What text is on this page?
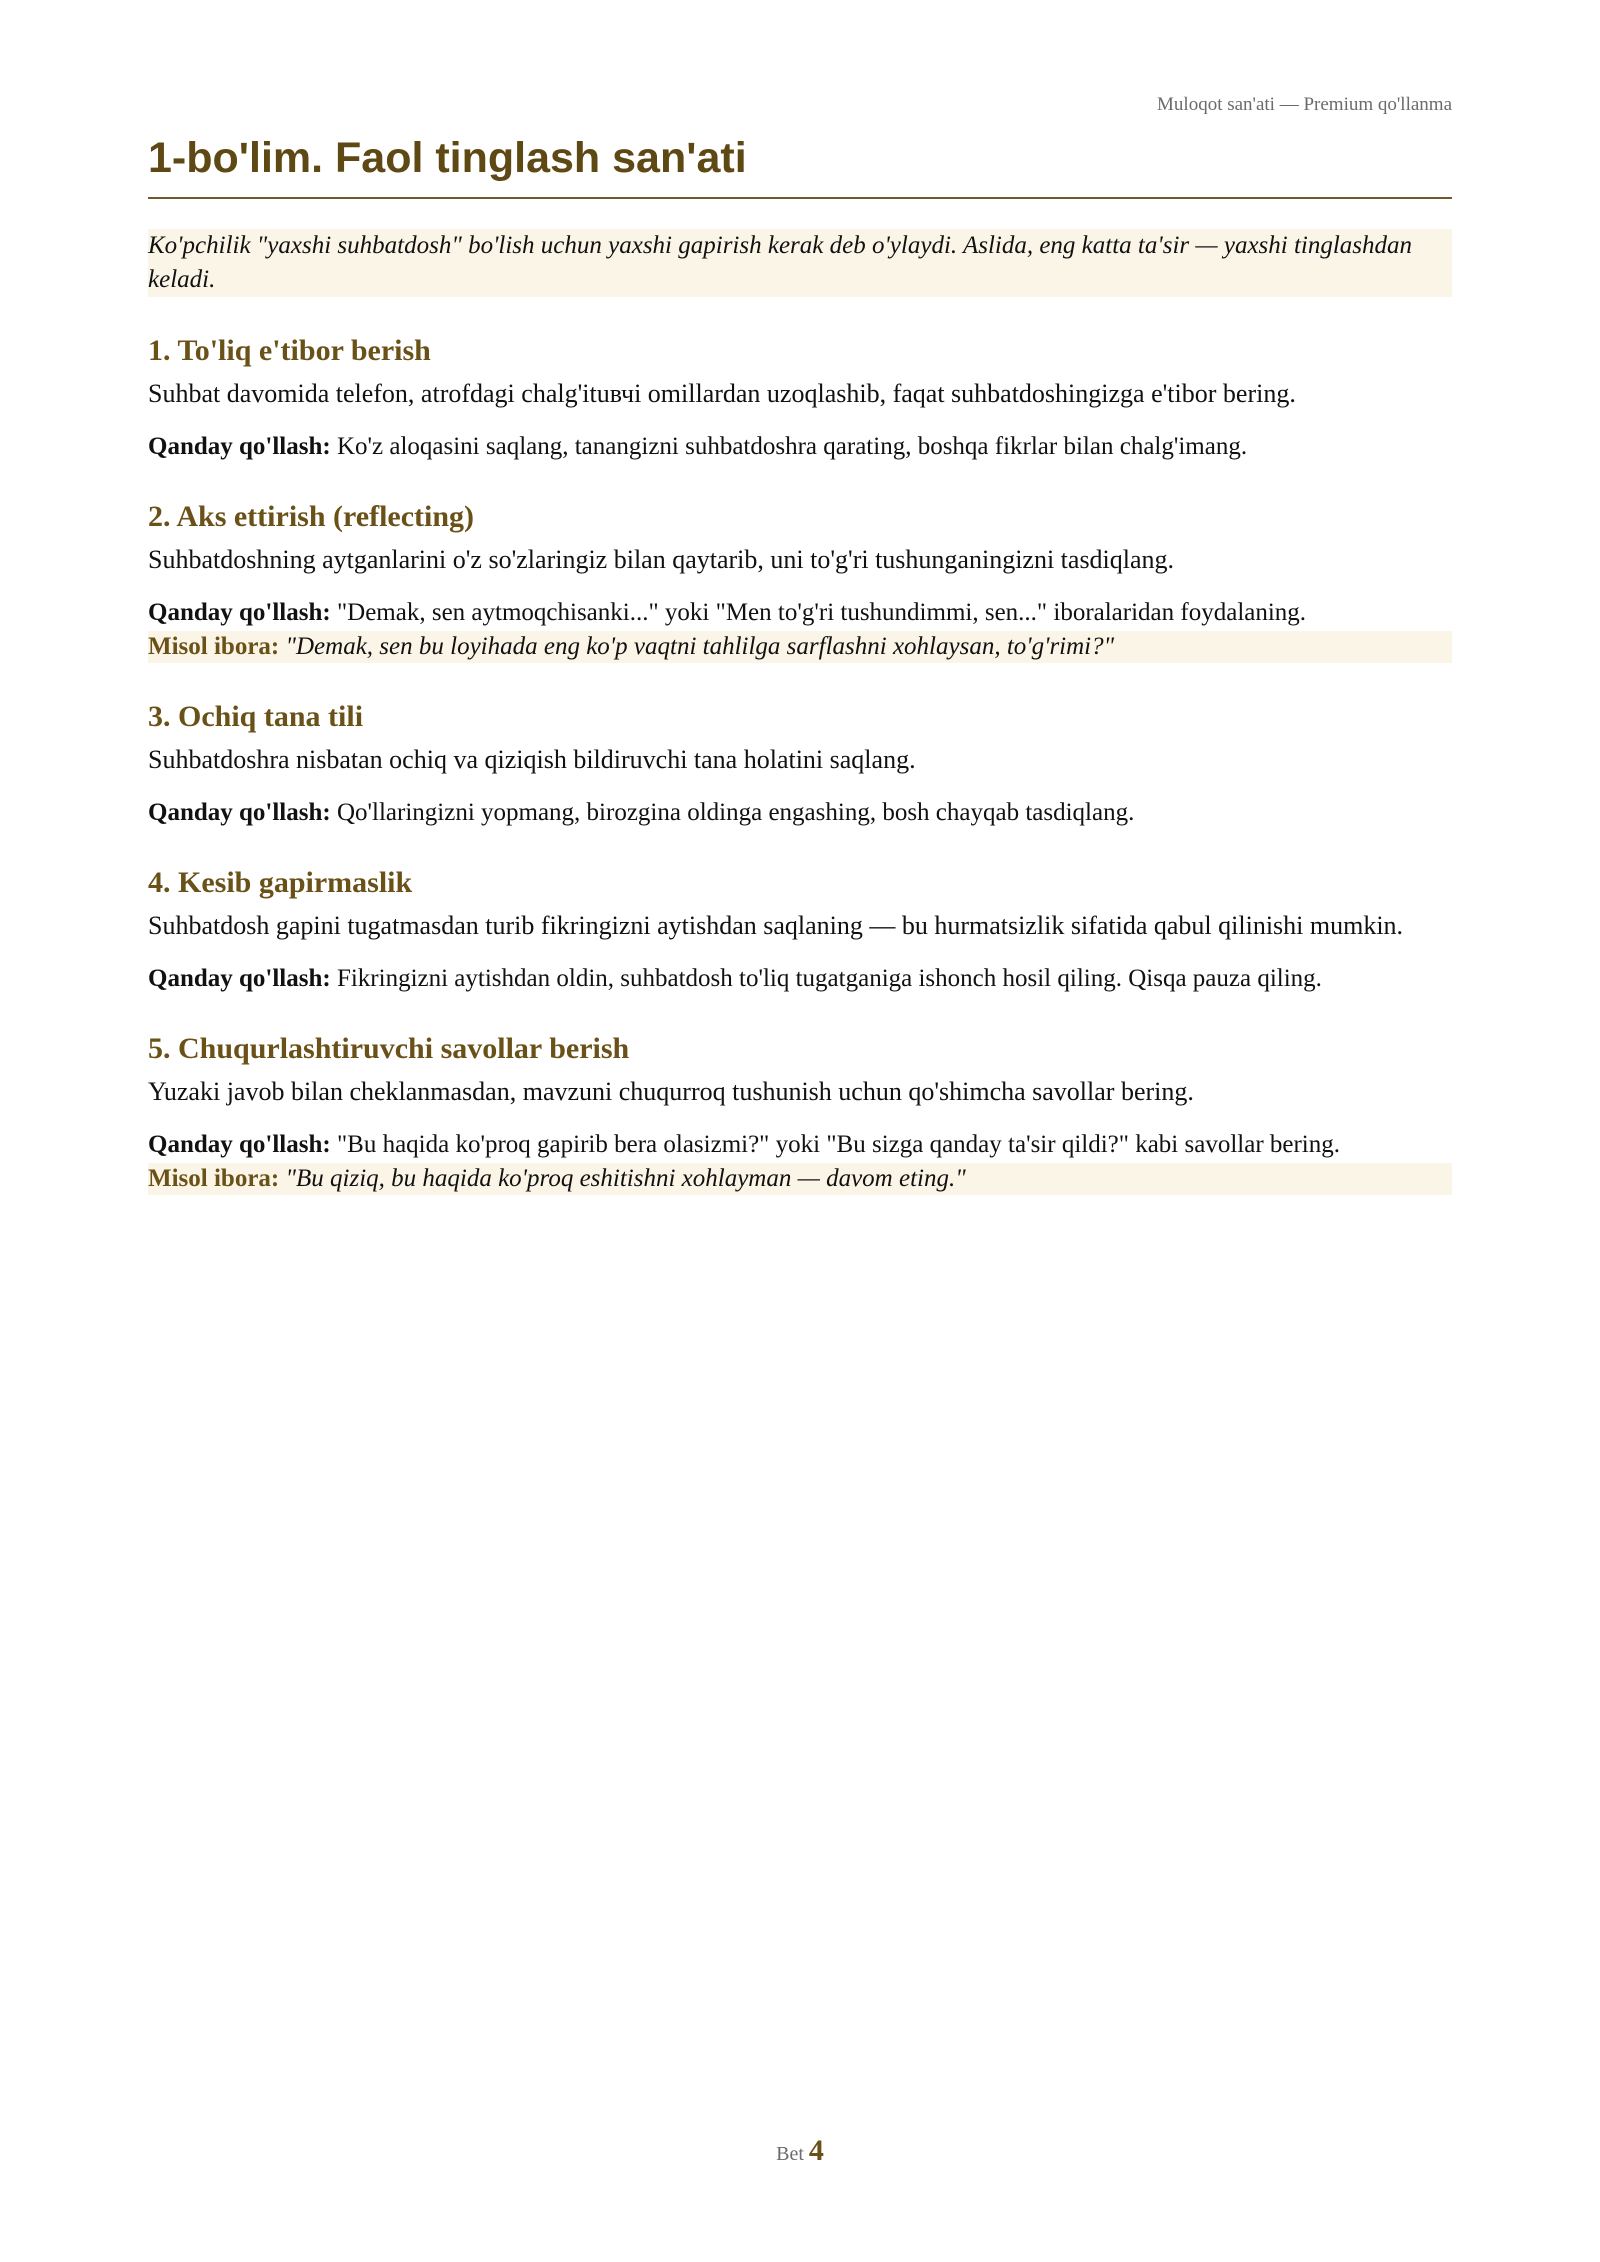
Muloqot san'ati — Premium qo'llanma
1-bo'lim. Faol tinglash san'ati
Ko'pchilik "yaxshi suhbatdosh" bo'lish uchun yaxshi gapirish kerak deb o'ylaydi. Aslida, eng katta ta'sir — yaxshi tinglashdan keladi.
1. To'liq e'tibor berish

Suhbat davomida telefon, atrofdagi chalg'ituвчi omillardan uzoqlashib, faqat suhbatdoshingizga e'tibor bering.

Qanday qo'llash: Ko'z aloqasini saqlang, tanangizni suhbatdoshra qarating, boshqa fikrlar bilan chalg'imang.

2. Aks ettirish (reflecting)

Suhbatdoshning aytganlarini o'z so'zlaringiz bilan qaytarib, uni to'g'ri tushunganingizni tasdiqlang.

Qanday qo'llash: "Demak, sen aytmoqchisanki..." yoki "Men to'g'ri tushundimmi, sen..." iboralaridan foydalaning.

Misol ibora: "Demak, sen bu loyihada eng ko'p vaqtni tahlilga sarflashni xohlaysan, to'g'rimi?"
3. Ochiq tana tili

Suhbatdoshra nisbatan ochiq va qiziqish bildiruvchi tana holatini saqlang.

Qanday qo'llash: Qo'llaringizni yopmang, birozgina oldinga engashing, bosh chayqab tasdiqlang.

4. Kesib gapirmaslik

Suhbatdosh gapini tugatmasdan turib fikringizni aytishdan saqlaning — bu hurmatsizlik sifatida qabul qilinishi mumkin.

Qanday qo'llash: Fikringizni aytishdan oldin, suhbatdosh to'liq tugatganiga ishonch hosil qiling. Qisqa pauza qiling.

5. Chuqurlashtiruvchi savollar berish

Yuzaki javob bilan cheklanmasdan, mavzuni chuqurroq tushunish uchun qo'shimcha savollar bering.

Qanday qo'llash: "Bu haqida ko'proq gapirib bera olasizmi?" yoki "Bu sizga qanday ta'sir qildi?" kabi savollar bering.

Misol ibora: "Bu qiziq, bu haqida ko'proq eshitishni xohlayman — davom eting."
Bet 4
